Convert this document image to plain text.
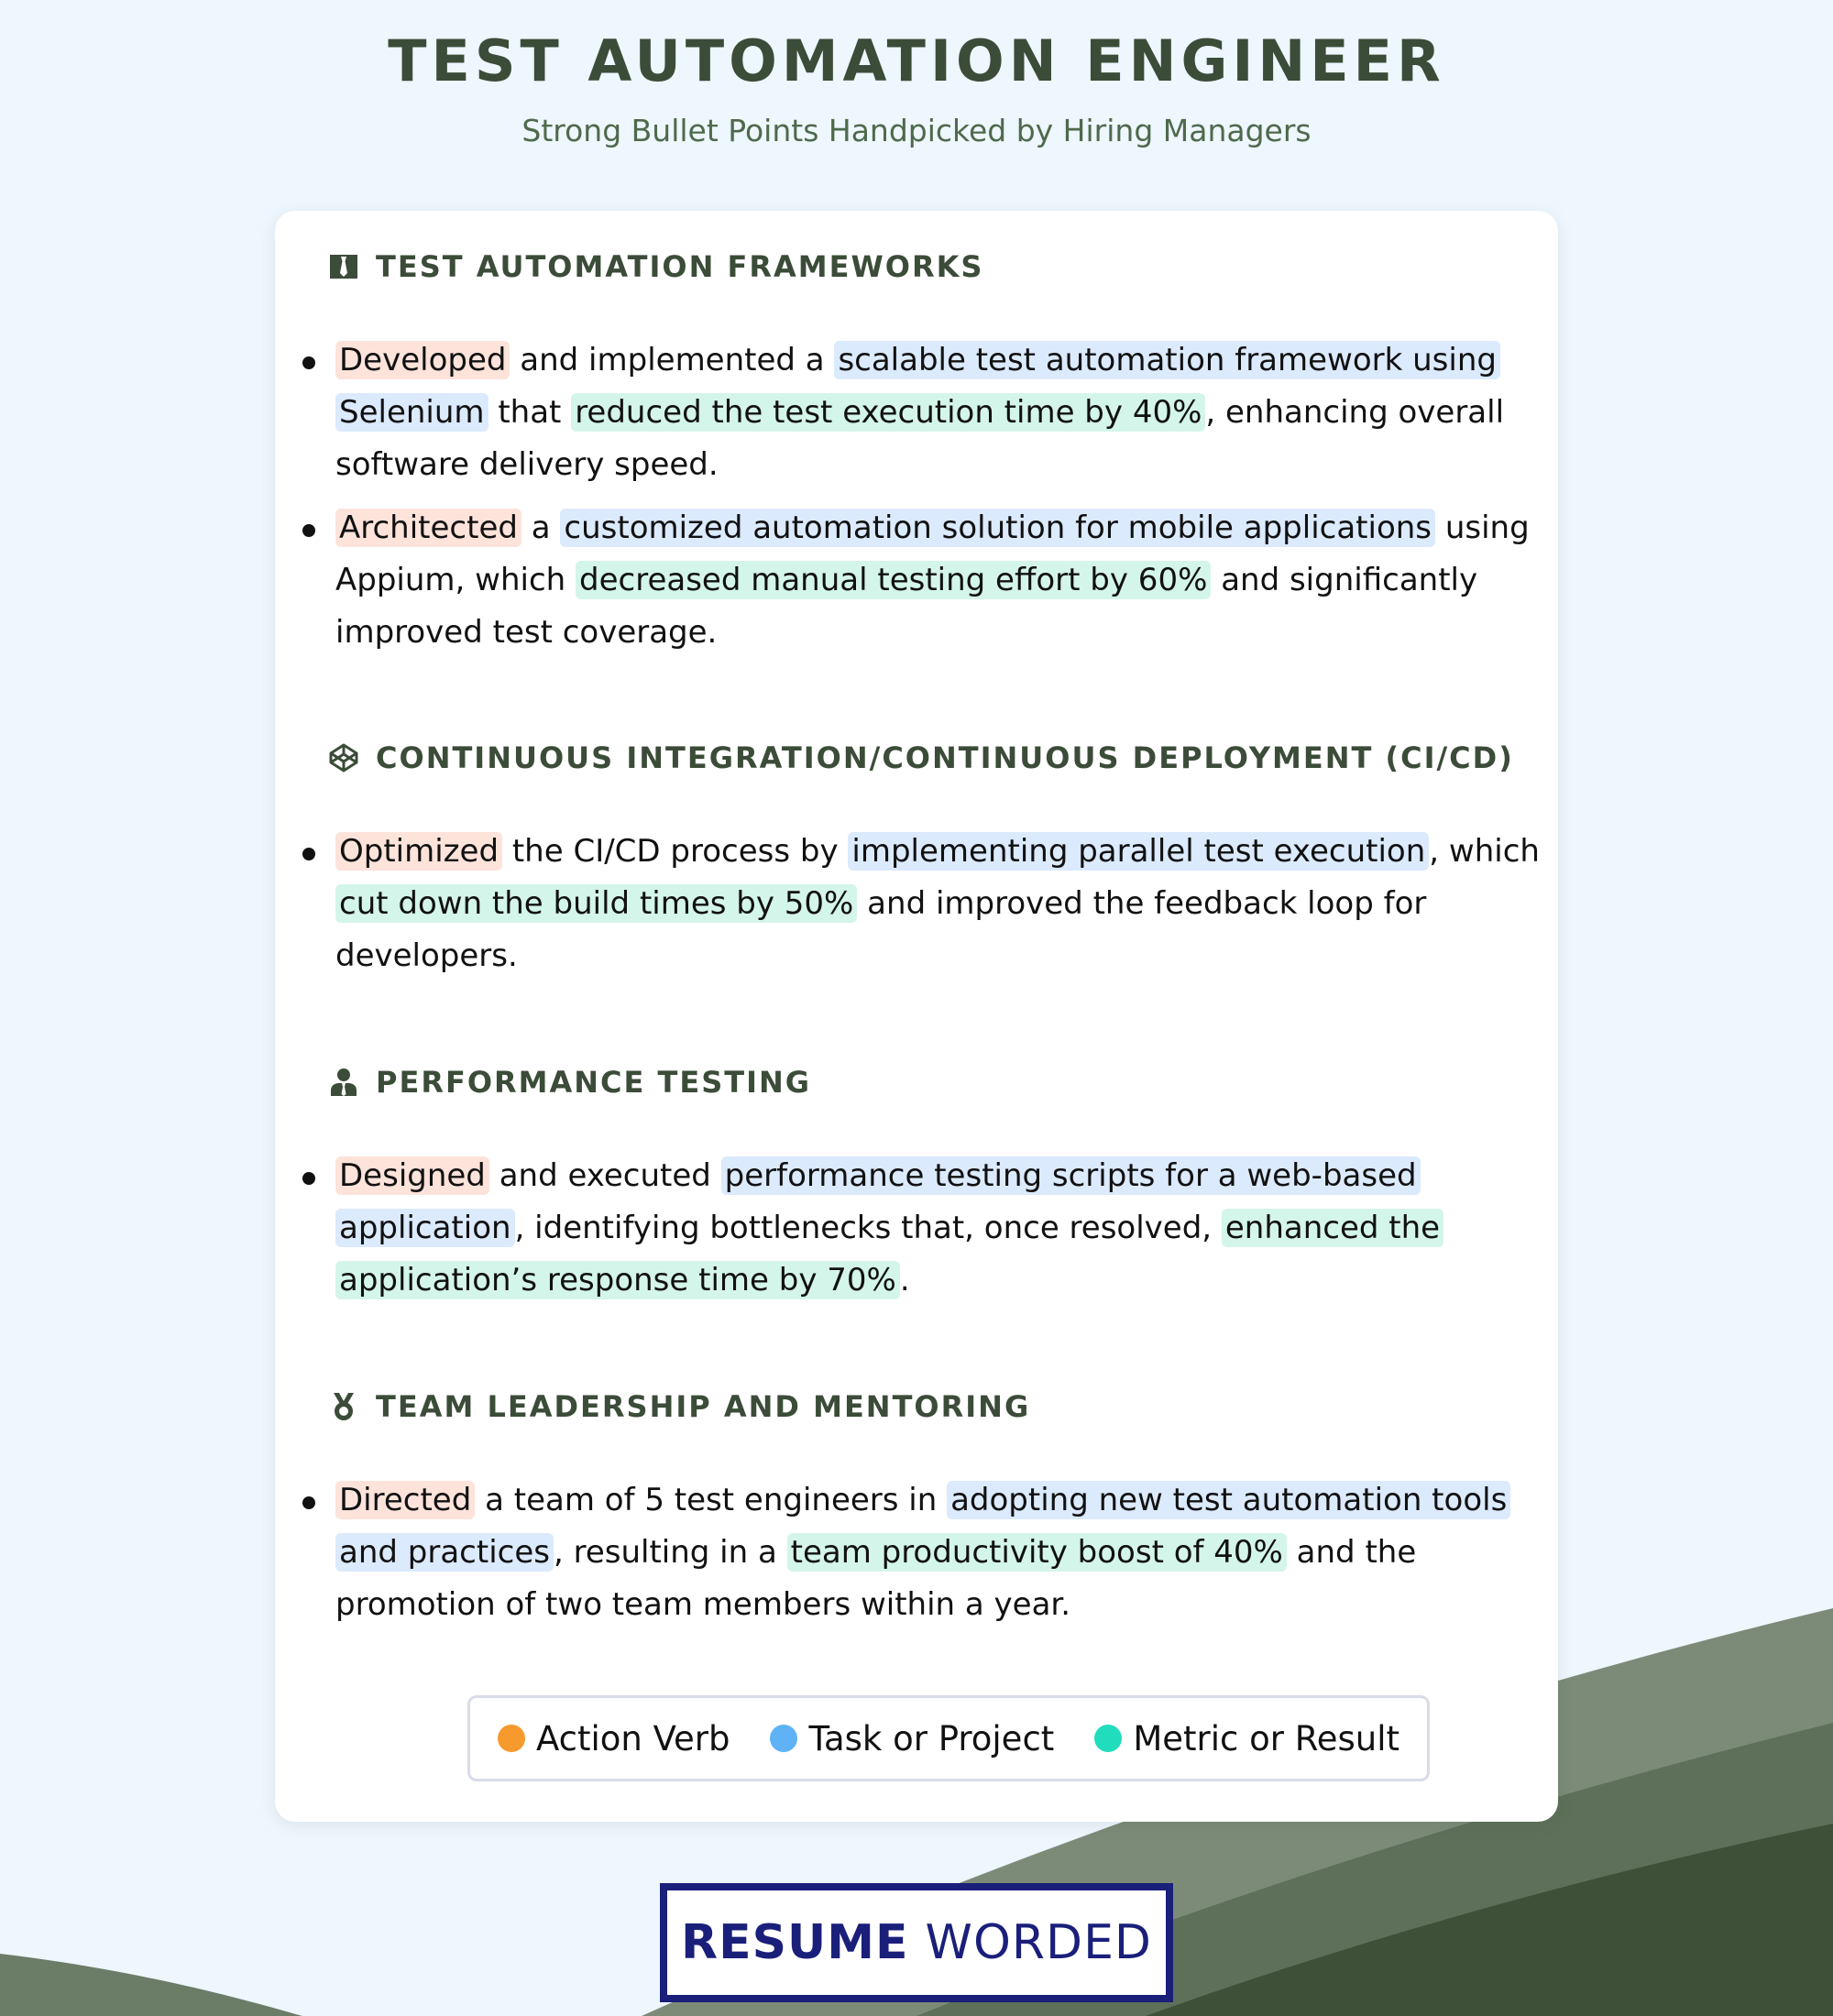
TEST AUTOMATION ENGINEER
Strong Bullet Points Handpicked by Hiring Managers
TEST AUTOMATION FRAMEWORKS
Developed and implemented a scalable test automation framework using Selenium that reduced the test execution time by 40% , enhancing overall software delivery speed.
Architected a customized automation solution for mobile applications using Appium, which decreased manual testing effort by 60% and significantly improved test coverage.
CONTINUOUS INTEGRATION/CONTINUOUS DEPLOYMENT (CI/CD)
Optimized the CI/CD process by implementing parallel test execution , which cut down the build times by 50% and improved the feedback loop for developers.
PERFORMANCE TESTING
Designed and executed performance testing scripts for a web-based application , identifying bottlenecks that, once resolved, enhanced the application’s response time by 70% .
TEAM LEADERSHIP AND MENTORING
Directed a team of 5 test engineers in adopting new test automation tools and practices , resulting in a team productivity boost of 40% and the promotion of two team members within a year.
Action Verb Task or Project Metric or Result
RESUME WORDED
